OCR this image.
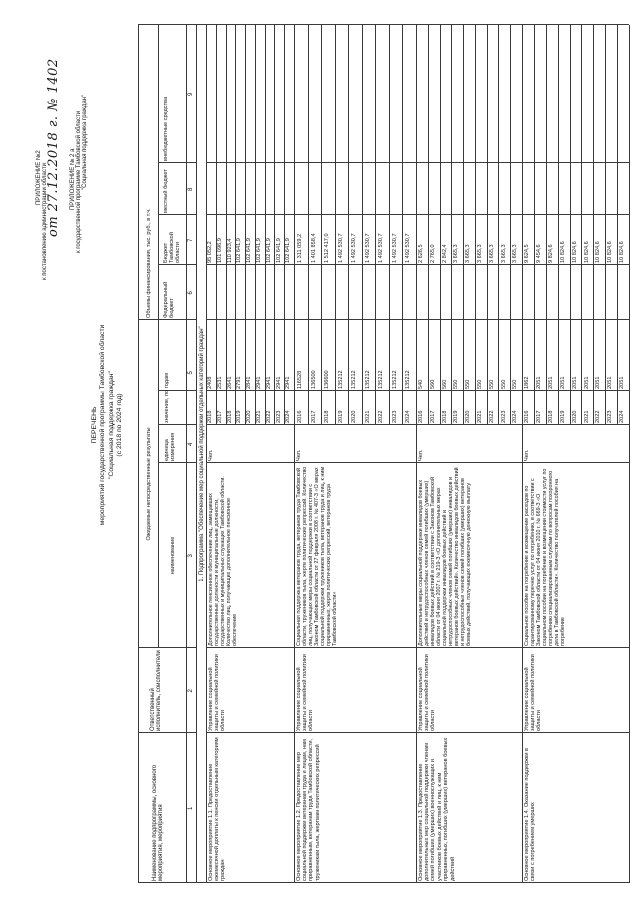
ПРИЛОЖЕНИЕ №2 к постановлению администрации области
от 27.12.2018 г. № 1402 ПРИЛОЖЕНИЕ № 2 а к государственной программе Тамбовской области "Социальная поддержка граждан"
ПЕРЕЧЕНЬ мероприятий государственной программы Тамбовской области "Социальная поддержка граждан" (с 2018 по 2024 год)
Наименование подпрограммы, основного мероприятия, мероприятия
Ответственный исполнитель, соисполнители
Ожидаемые непосредственные результаты
наименование
единица измерения
значение, по годам
Объемы финансирования, тыс. руб., в т.ч.	Федеральный бюджет
Бюджет Тамбовской области
местный бюджет
внебюджетные средства
1
2
3
4
5
6
7
8
9
1. Подпрограмма "Обеспечение мер социальной поддержки отдельных категорий граждан"
Основное мероприятие 1.1. Предоставление ежемесячной доплаты к пенсии отдельным категориям граждан
Управление социальной защиты и семейной политики области
Дополнительное пенсионное обеспечение лиц, замещавших государственные должности и муниципальные должности, государственных и муниципальных служащих Тамбовской области. Количество лиц, получающих дополнительное пенсионное обеспечение
Чел.
2018
2408
95 052,2
2017
2531
101 096,9
2018
2641
110 923,4
2019
2791
102 641,9
2020
2841
102 641,9
2021
2941
102 641,9
2022
2941
102 641,9
2023
2941
102 641,9
2024
2941
102 641,9
Основное мероприятие 1.2. Предоставление мер социальной поддержки ветеранам труда и лицам, нам приравненным, ветеранам труда Тамбовской области, труженикам тыла, жертвам политических репрессий
Управление социальной защиты и семейной политики области
Социальная поддержка ветеранов труда, ветеранов труда Тамбовской области, тружеников тыла, жертв политических репрессий. Количество лиц, получающих меры социальной поддержки в соответствии с Законом Тамбовской области от 27 февраля 2008 г. № 407-З «О мерах социальной поддержки тружеников тыла, ветеранов труда и лиц, к ним приравненных, жертв политических репрессий, ветеранов труда Тамбовской области»
Чел.
2016
116528
1 311 059,2
2017
136500
1 401 858,4
2018
136600
1 512 417,0
2019
135212
1 492 530,7
2020
135212
1 492 530,7
2021
135212
1 492 530,7
2022
135212
1 492 530,7
2023
135212
1 492 530,7
2024
135212
1 492 530,7
Основное мероприятие 1.3. Предоставление дополнительных мер социальной поддержки членам семей погибших (умерших) военнослужащих и участников боевых действий и лиц, к ним приравненных, погибших (умерших) ветеранов боевых действий
Управление социальной защиты и семейной политики области
Дополнительные меры социальной поддержки инвалидов боевых действий и нетрудоспособных членов семей погибших (умерших) инвалидов боевых действий в соответствии с Законом Тамбовской области от 04 июня 2007 г. № 219-З «О дополнительных мерах социальной поддержки инвалидов боевых действий и нетрудоспособных членов семей погибших (умерших) инвалидов и ветеранов боевых действий». Количество инвалидов боевых действий и нетрудоспособных членов семей погибших (умерших) ветеранов боевых действий, получающих ежемесячную денежную выплату
Чел.
2016
540
2 626,5
2017
560
2 765,0
2018
560
2 842,4
2019
550
3 665,3
2020
550
3 665,3
2021
550
3 665,3
2022
550
3 665,3
2023
550
3 665,3
2024
550
3 665,3
Основное мероприятие 1.4. Оказание поддержки в связи с погребением умерших
Управление социальной защиты и семейной политики области
Социальное пособие на погребение и возмещение расходов по гарантированному перечню услуг по погребению, в соответствии с Законом Тамбовской области от 04 июня 2010 г. № 669-З «О социальном пособии на погребение и возмещении стоимости услуг по погребению специализированным службам по вопросам похоронного дела в Тамбовской области». Количество получателей пособия на погребение
Чел.
2016
1862
9 624,5
2017
2051
9 454,6
2018
2051
9 824,6
2019
2051
10 824,6
2020
2051
10 824,6
2021
2051
10 824,6
2022
2051
10 824,6
2023
2051
10 824,6
2024
2051
10 824,6
